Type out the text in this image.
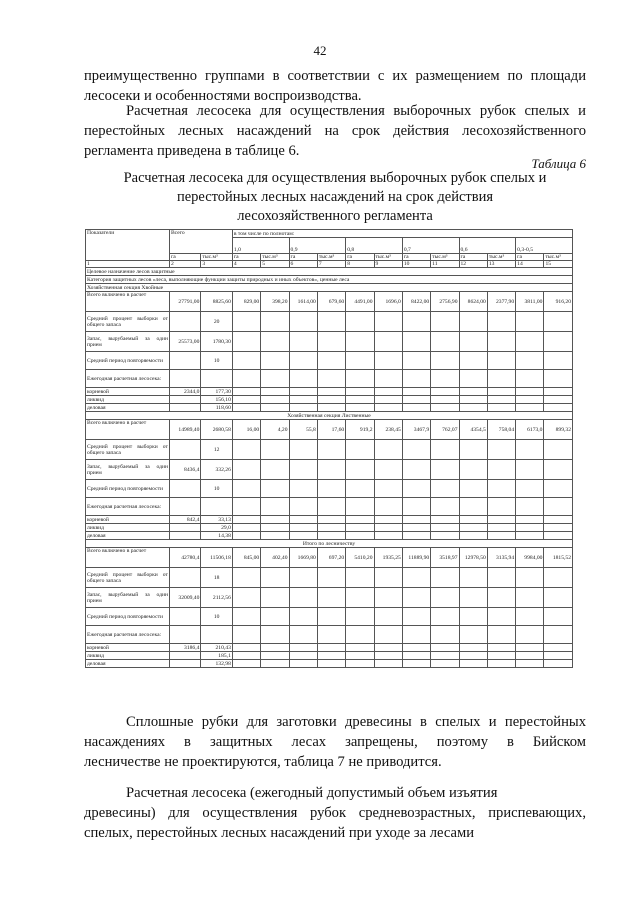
42
преимущественно группами в соответствии с их размещением по площади
лесосеки и особенностями воспроизводства.
Расчетная лесосека для осуществления выборочных рубок спелых и
перестойных лесных насаждений на срок действия лесохозяйственного
регламента приведена в таблице 6.
Таблица 6
Расчетная лесосека для осуществления выборочных рубок спелых и
перестойных лесных насаждений на срок действия
лесохозяйственного регламента
Показатели	Всего		в том числе по полнотам:											
			1,0		0,9		0,8		0,7		0,6		0,3-0,5	
	га	тыс.м³	га	тыс.м³	га	тыс.м³	га	тыс.м³	га	тыс.м³	га	тыс.м³	га	тыс.м³
1	2	3	4	5	6	7	8	9	10	11	12	13	14	15
Целевое назначение лесов защитные														
Категория защитных лесов «леса, выполняющие функции защиты природных и иных объектов», ценные леса														
Хозяйственная секция Хвойные														
Всего включено в расчет	27791,00	8825,60	829,00	398,20	1614,00	679,60	4491,00	1696,0	8422,00	2756,90	8624,00	2377,90	3811,00	916,20
Средний процент выборки от общего запаса		20												
Запас, вырубаемый за один прием	25573,00	1780,30												
Средний период повторяемости		10												
Ежегодная расчетная лесосека:														
корневой	2344,0	177,30												
ликвид		156,10												
деловая		118,60												
Хозяйственная секция Лиственные														
Всего включено в расчет	14989,40	2680,58	16,00	4,20	55,8	17,60	919,2	238,45	3467,9	762,07	4354,5	758,04	6173,0	899,32
Средний процент выборки от общего запаса		12												
Запас, вырубаемый за один прием	8436,4	332,26												
Средний период повторяемости		10												
Ежегодная расчетная лесосека:														
корневой	842,4	33,13												
ликвид		29,0												
деловая		14,38												
Итого по лесничеству														
Всего включено в расчет	42780,4	11506,18	845,00	402,40	1669,80	697,20	5410,20	1935,25	11889,90	3518,97	12978,50	3135,94	9984,00	1815,52
Средний процент выборки от общего запаса		18												
Запас, вырубаемый за один прием	32009,40	2112,56												
Средний период повторяемости		10												
Ежегодная расчетная лесосека:														
корневой	3186,4	210,43												
ликвид		185,1												
деловая		132,98												
Сплошные рубки для заготовки древесины в спелых и перестойных
насаждениях в защитных лесах запрещены, поэтому в Бийском
лесничестве не проектируются, таблица 7 не приводится.
Расчетная лесосека (ежегодный допустимый объем изъятия
древесины) для осуществления рубок средневозрастных, приспевающих,
спелых, перестойных лесных насаждений при уходе за лесами
